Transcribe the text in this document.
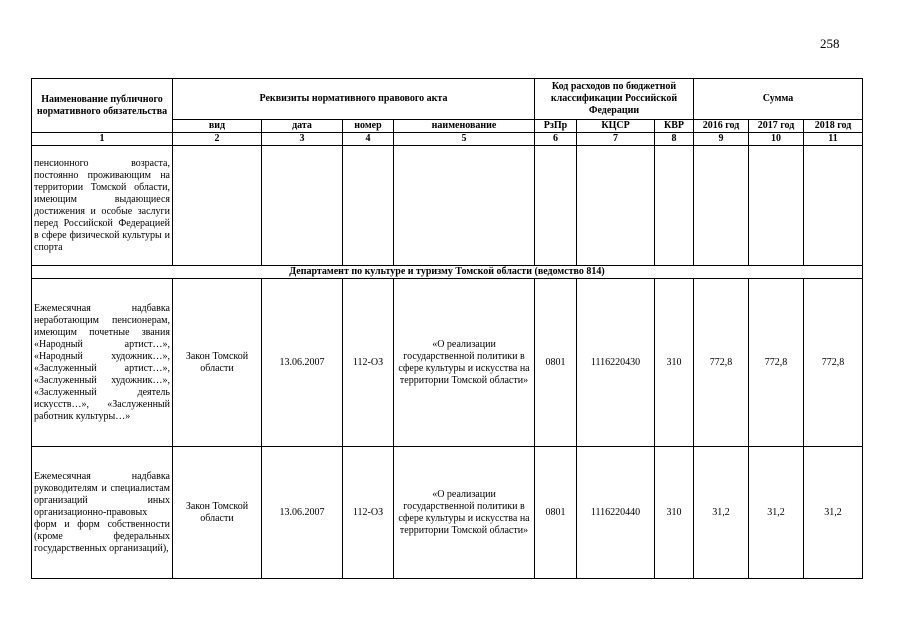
258
Наименование публичного нормативного обязательства	Реквизиты нормативного правового акта				Код расходов по бюджетной классификации Российской Федерации			Сумма		
	вид	дата	номер	наименование	РзПр	КЦСР	КВР	2016 год	2017 год	2018 год
1	2	3	4	5	6	7	8	9	10	11
пенсионного возраста, постоянно проживающим на территории Томской области, имеющим выдающиеся достижения и особые заслуги перед Российской Федерацией в сфере физической культуры и спорта										
Департамент по культуре и туризму Томской области (ведомство 814)										
Ежемесячная надбавка неработающим пенсионерам, имеющим почетные звания «Народный артист…», «Народный художник…», «Заслуженный артист…», «Заслуженный художник…», «Заслуженный деятель искусств…», «Заслуженный работник культуры…»	Закон Томской области	13.06.2007	112-ОЗ	«О реализации государственной политики в сфере культуры и искусства на территории Томской области»	0801	1116220430	310	772,8	772,8	772,8
Ежемесячная надбавка руководителям и специалистам организаций иных организационно-правовых форм и форм собственности (кроме федеральных государственных организаций),	Закон Томской области	13.06.2007	112-ОЗ	«О реализации государственной политики в сфере культуры и искусства на территории Томской области»	0801	1116220440	310	31,2	31,2	31,2
